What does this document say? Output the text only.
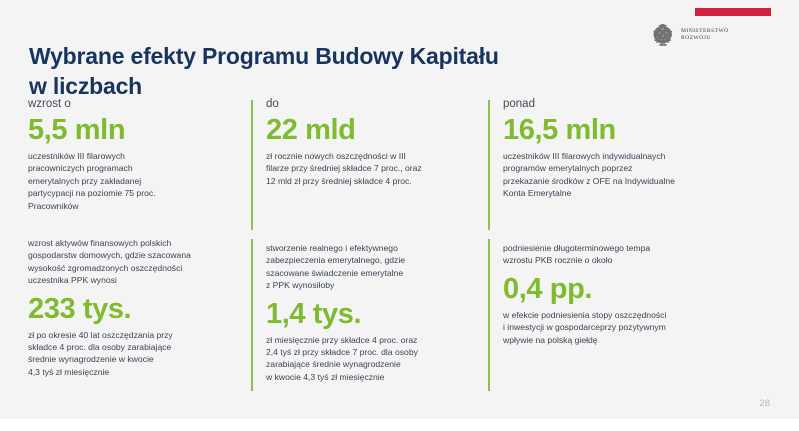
MINISTERSTWO
ROZWOJU
Wybrane efekty Programu Budowy Kapitału
w liczbach

wzrost o

5,5 mln

uczestników III filarowych
pracowniczych programach
emerytalnych przy zakładanej
partycypacji na poziomie 75 proc.
Pracowników

wzrost aktywów finansowych polskich
gospodarstw domowych, gdzie szacowana
wysokość zgromadzonych oszczędności
uczestnika PPK wynosi

233 tys.

zł po okresie 40 lat oszczędzania przy
składce 4 proc. dla osoby zarabiające
średnie wynagrodzenie w kwocie
4,3 tyś zł miesięcznie

do

22 mld

zł rocznie nowych oszczędności w III
filarze przy średniej składce 7 proc., oraz
12 mld zł przy średniej składce 4 proc.

stworzenie realnego i efektywnego
zabezpieczenia emerytalnego, gdzie
szacowane świadczenie emerytalne
z PPK wynosiłoby

1,4 tys.

zł miesięcznie przy składce 4 proc. oraz
2,4 tyś zł przy składce 7 proc. dla osoby
zarabiające średnie wynagrodzenie
w kwocie 4,3 tyś zł miesięcznie

ponad

16,5 mln

uczestników III filarowych indywidualnaych
programów emerytalnych poprzez
przekazanie środków z OFE na Indywidualne
Konta Emerytalne

podniesienie długoterminowego tempa
wzrostu PKB rocznie o około

0,4 pp.

w efekcie podniesienia stopy oszczędności
i inwestycji w gospodarceprzy pozytywnym
wpływie na polską giełdę

28
